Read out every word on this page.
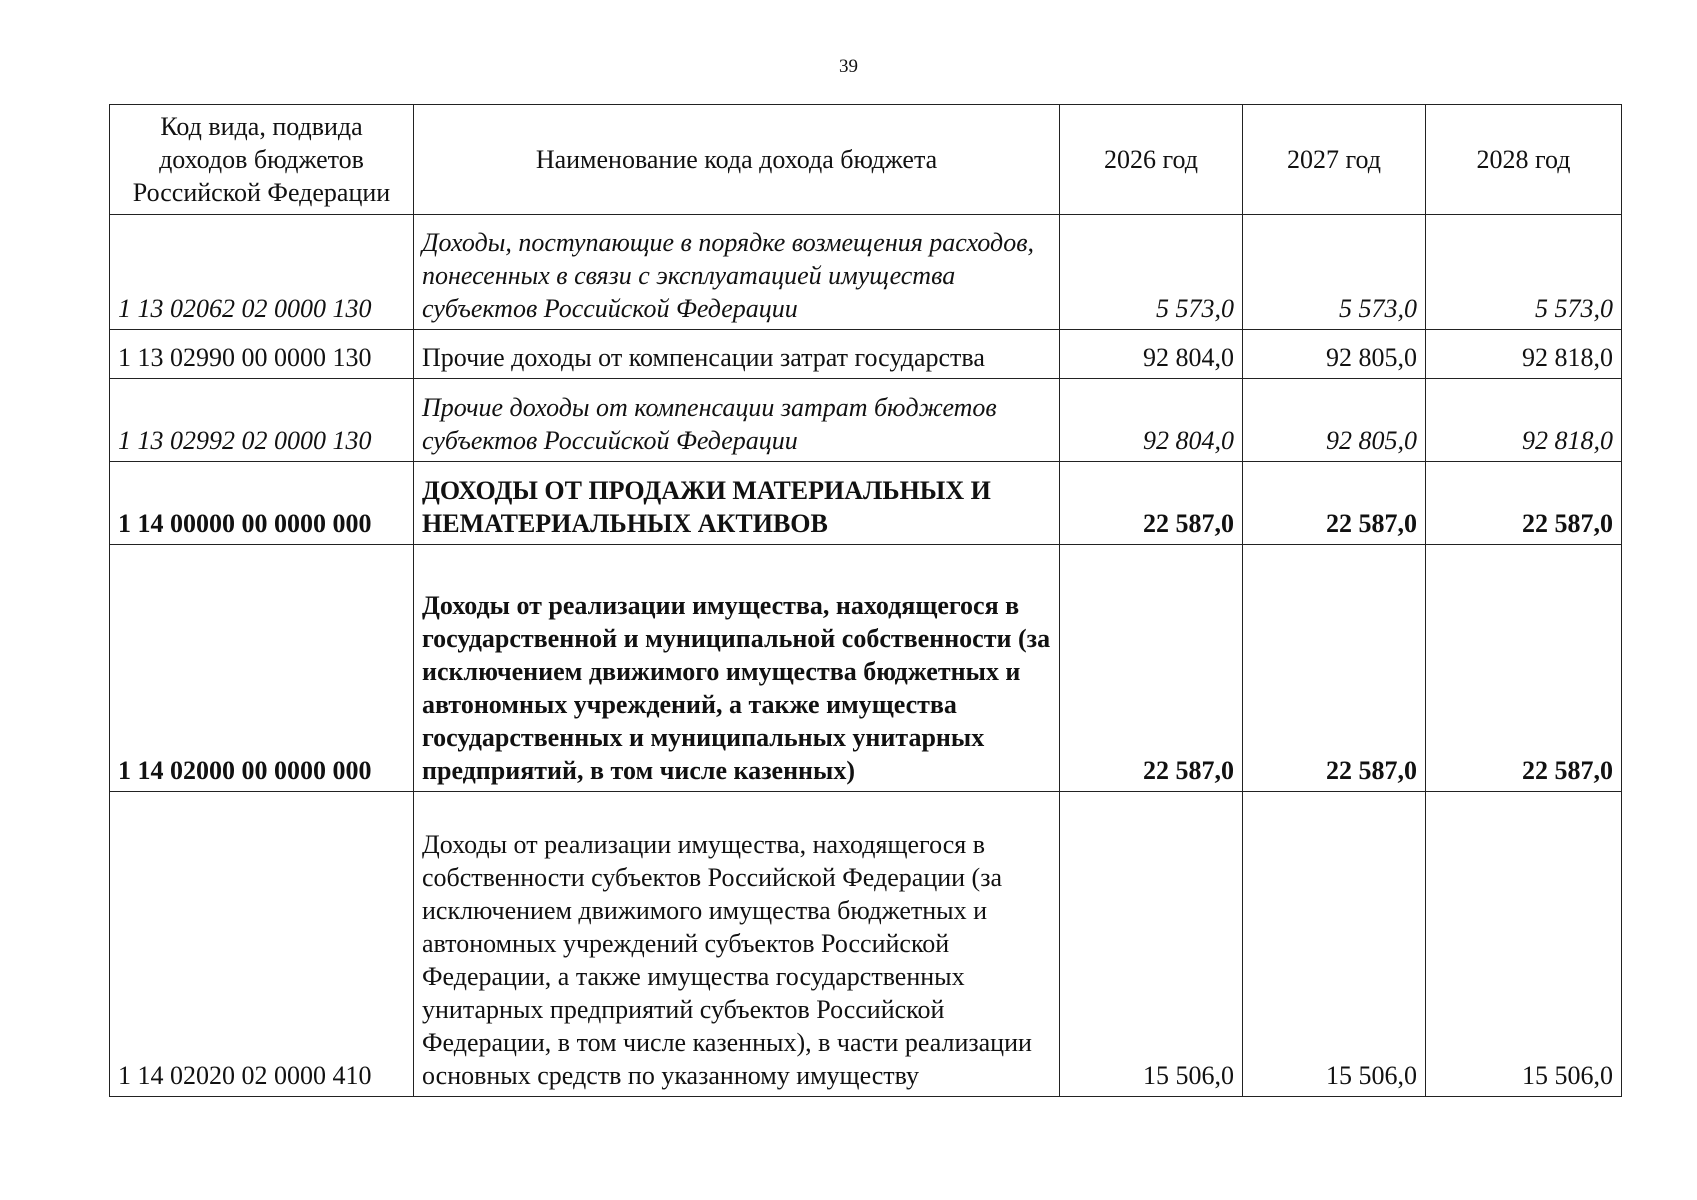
39
Код вида, подвида доходов бюджетов Российской Федерации	Наименование кода дохода бюджета	2026 год	2027 год	2028 год
1 13 02062 02 0000 130	Доходы, поступающие в порядке возмещения расходов, понесенных в связи с эксплуатацией имущества субъектов Российской Федерации	5 573,0	5 573,0	5 573,0
1 13 02990 00 0000 130	Прочие доходы от компенсации затрат государства	92 804,0	92 805,0	92 818,0
1 13 02992 02 0000 130	Прочие доходы от компенсации затрат бюджетов субъектов Российской Федерации	92 804,0	92 805,0	92 818,0
1 14 00000 00 0000 000	ДОХОДЫ ОТ ПРОДАЖИ МАТЕРИАЛЬНЫХ И НЕМАТЕРИАЛЬНЫХ АКТИВОВ	22 587,0	22 587,0	22 587,0
1 14 02000 00 0000 000	Доходы от реализации имущества, находящегося в государственной и муниципальной собственности (за исключением движимого имущества бюджетных и автономных учреждений, а также имущества государственных и муниципальных унитарных предприятий, в том числе казенных)	22 587,0	22 587,0	22 587,0
1 14 02020 02 0000 410	Доходы от реализации имущества, находящегося в собственности субъектов Российской Федерации (за исключением движимого имущества бюджетных и автономных учреждений субъектов Российской Федерации, а также имущества государственных унитарных предприятий субъектов Российской Федерации, в том числе казенных), в части реализации основных средств по указанному имуществу	15 506,0	15 506,0	15 506,0
